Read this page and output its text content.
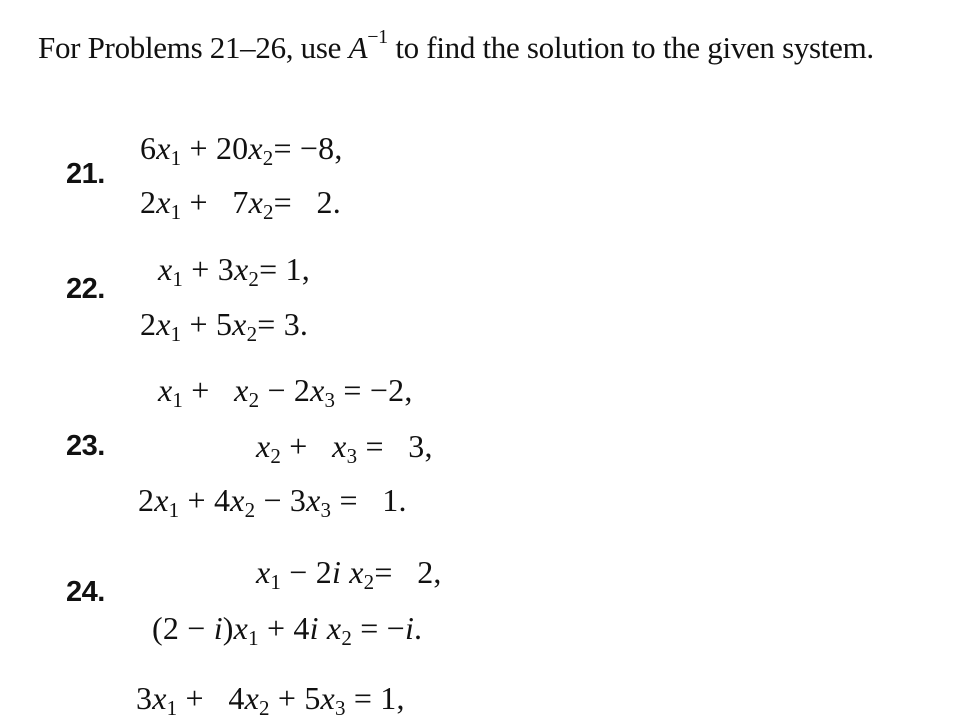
For Problems 21–26, use $A^{-1}$ to find the solution to the given system.
21.
$6x_1 + 20x_2= -8$,
$2x_1 + 7x_2= 2$.
22.
$x_1 + 3x_2= 1$,
$2x_1 + 5x_2= 3$.
23.
$x_1 + x_2 - 2x_3 = -2$,
$x_2 + x_3 = 3$,
$2x_1 + 4x_2 - 3x_3 = 1$.
24.
$x_1 - 2i$ $x_2= 2$,
$(2 - i)x_1 + 4i$ $x_2 = -i$.
$3x_1 + 4x_2 + 5x_3 = 1$,
